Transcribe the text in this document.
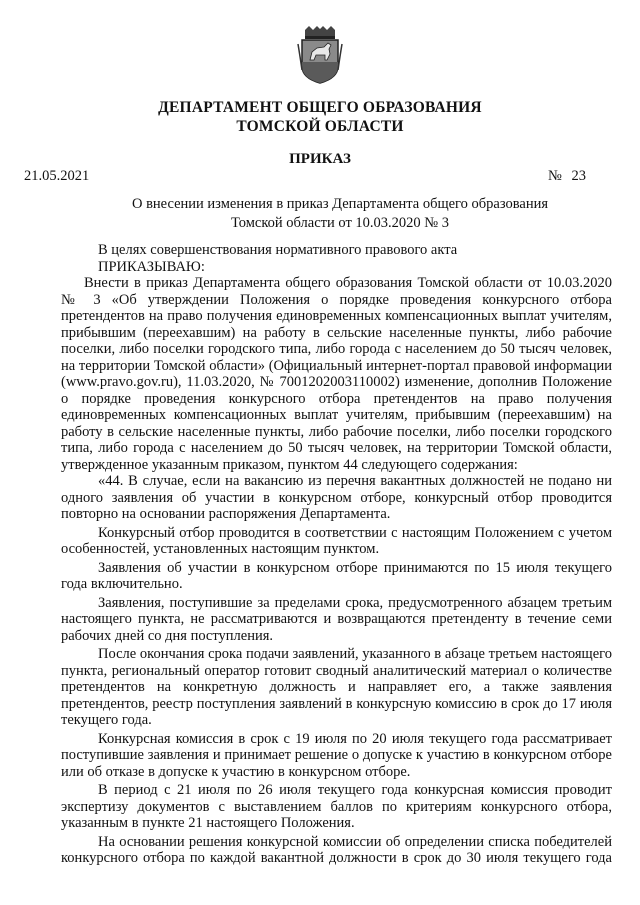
ДЕПАРТАМЕНТ ОБЩЕГО ОБРАЗОВАНИЯ
ТОМСКОЙ ОБЛАСТИ
ПРИКАЗ
21.05.2021	№ 23
О внесении изменения в приказ Департамента общего образования
Томской области от 10.03.2020 № 3

В целях совершенствования нормативного правового акта

ПРИКАЗЫВАЮ:

Внести в приказ Департамента общего образования Томской области от 10.03.2020 № 3 «Об утверждении Положения о порядке проведения конкурсного отбора претендентов на право получения единовременных компенсационных выплат учителям, прибывшим (переехавшим) на работу в сельские населенные пункты, либо рабочие поселки, либо поселки городского типа, либо города с населением до 50 тысяч человек, на территории Томской области» (Официальный интернет-портал правовой информации (www.pravo.gov.ru), 11.03.2020, № 7001202003110002) изменение, дополнив Положение о порядке проведения конкурсного отбора претендентов на право получения единовременных компенсационных выплат учителям, прибывшим (переехавшим) на работу в сельские населенные пункты, либо рабочие поселки, либо поселки городского типа, либо города с населением до 50 тысяч человек, на территории Томской области, утвержденное указанным приказом, пунктом 44 следующего содержания:

«44. В случае, если на вакансию из перечня вакантных должностей не подано ни одного заявления об участии в конкурсном отборе, конкурсный отбор проводится повторно на основании распоряжения Департамента.

Конкурсный отбор проводится в соответствии с настоящим Положением с учетом особенностей, установленных настоящим пунктом.

Заявления об участии в конкурсном отборе принимаются по 15 июля текущего года включительно.

Заявления, поступившие за пределами срока, предусмотренного абзацем третьим настоящего пункта, не рассматриваются и возвращаются претенденту в течение семи рабочих дней со дня поступления.

После окончания срока подачи заявлений, указанного в абзаце третьем настоящего пункта, региональный оператор готовит сводный аналитический материал о количестве претендентов на конкретную должность и направляет его, а также заявления претендентов, реестр поступления заявлений в конкурсную комиссию в срок до 17 июля текущего года.

Конкурсная комиссия в срок с 19 июля по 20 июля текущего года рассматривает поступившие заявления и принимает решение о допуске к участию в конкурсном отборе или об отказе в допуске к участию в конкурсном отборе.

В период с 21 июля по 26 июля текущего года конкурсная комиссия проводит экспертизу документов с выставлением баллов по критериям конкурсного отбора, указанным в пункте 21 настоящего Положения.

На основании решения конкурсной комиссии об определении списка победителей конкурсного отбора по каждой вакантной должности в срок до 30 июля текущего года
